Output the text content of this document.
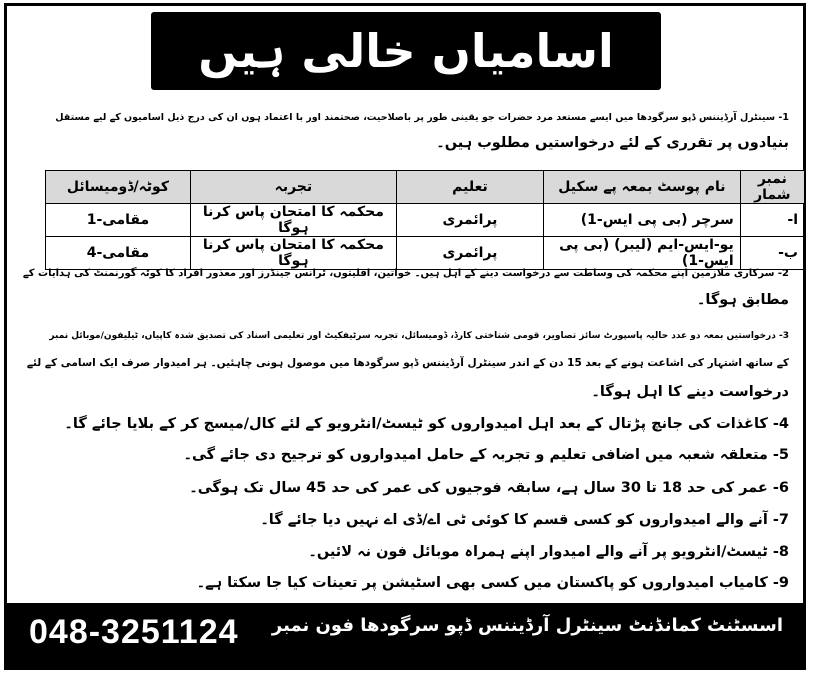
اسامیاں خالی ہیں
1- سینٹرل آرڈیننس ڈپو سرگودھا میں ایسے مستعد مرد حضرات جو یقینی طور پر باصلاحیت، صحتمند اور با اعتماد ہوں ان کی درج ذیل اسامیوں کے لیے مستقل
بنیادوں پر تقرری کے لئے درخواستیں مطلوب ہیں۔
نمبر شمار	نام پوسٹ بمعہ پے سکیل	تعلیم	تجربہ	کوٹہ/ڈومیسائل
ا-	سرچر (بی پی ایس-1)	پرائمری	محکمہ کا امتحان پاس کرنا ہوگا	مقامی-1
ب-	یو-ایس-ایم (لیبر) (بی پی ایس-1)	پرائمری	محکمہ کا امتحان پاس کرنا ہوگا	مقامی-4
2- سرکاری ملازمین اپنے محکمہ کی وساطت سے درخواست دینے کے اہل ہیں۔ خواتین، اقلیتوں، ٹرانس جینڈرز اور معذور افراد کا کوٹہ گورنمنٹ کی ہدایات کے
مطابق ہوگا۔
3- درخواستیں بمعہ دو عدد حالیہ پاسپورٹ سائز تصاویر، قومی شناختی کارڈ، ڈومیسائل، تجربہ سرٹیفکیٹ اور تعلیمی اسناد کی تصدیق شدہ کاپیاں، ٹیلیفون/موبائل نمبر
کے ساتھ اشتہار کی اشاعت ہونے کے بعد 15 دن کے اندر سینٹرل آرڈیننس ڈپو سرگودھا میں موصول ہونی چاہئیں۔ ہر امیدوار صرف ایک اسامی کے لئے
درخواست دینے کا اہل ہوگا۔
4- کاغذات کی جانچ پڑتال کے بعد اہل امیدواروں کو ٹیسٹ/انٹرویو کے لئے کال/میسج کر کے بلایا جائے گا۔
5- متعلقہ شعبہ میں اضافی تعلیم و تجربہ کے حامل امیدواروں کو ترجیح دی جائے گی۔
6- عمر کی حد 18 تا 30 سال ہے، سابقہ فوجیوں کی عمر کی حد 45 سال تک ہوگی۔
7- آنے والے امیدواروں کو کسی قسم کا کوئی ٹی اے/ڈی اے نہیں دیا جائے گا۔
8- ٹیسٹ/انٹرویو پر آنے والے امیدوار اپنے ہمراہ موبائل فون نہ لائیں۔
9- کامیاب امیدواروں کو پاکستان میں کسی بھی اسٹیشن پر تعینات کیا جا سکتا ہے۔
048-3251124 اسسٹنٹ کمانڈنٹ سینٹرل آرڈیننس ڈپو سرگودھا فون نمبر
